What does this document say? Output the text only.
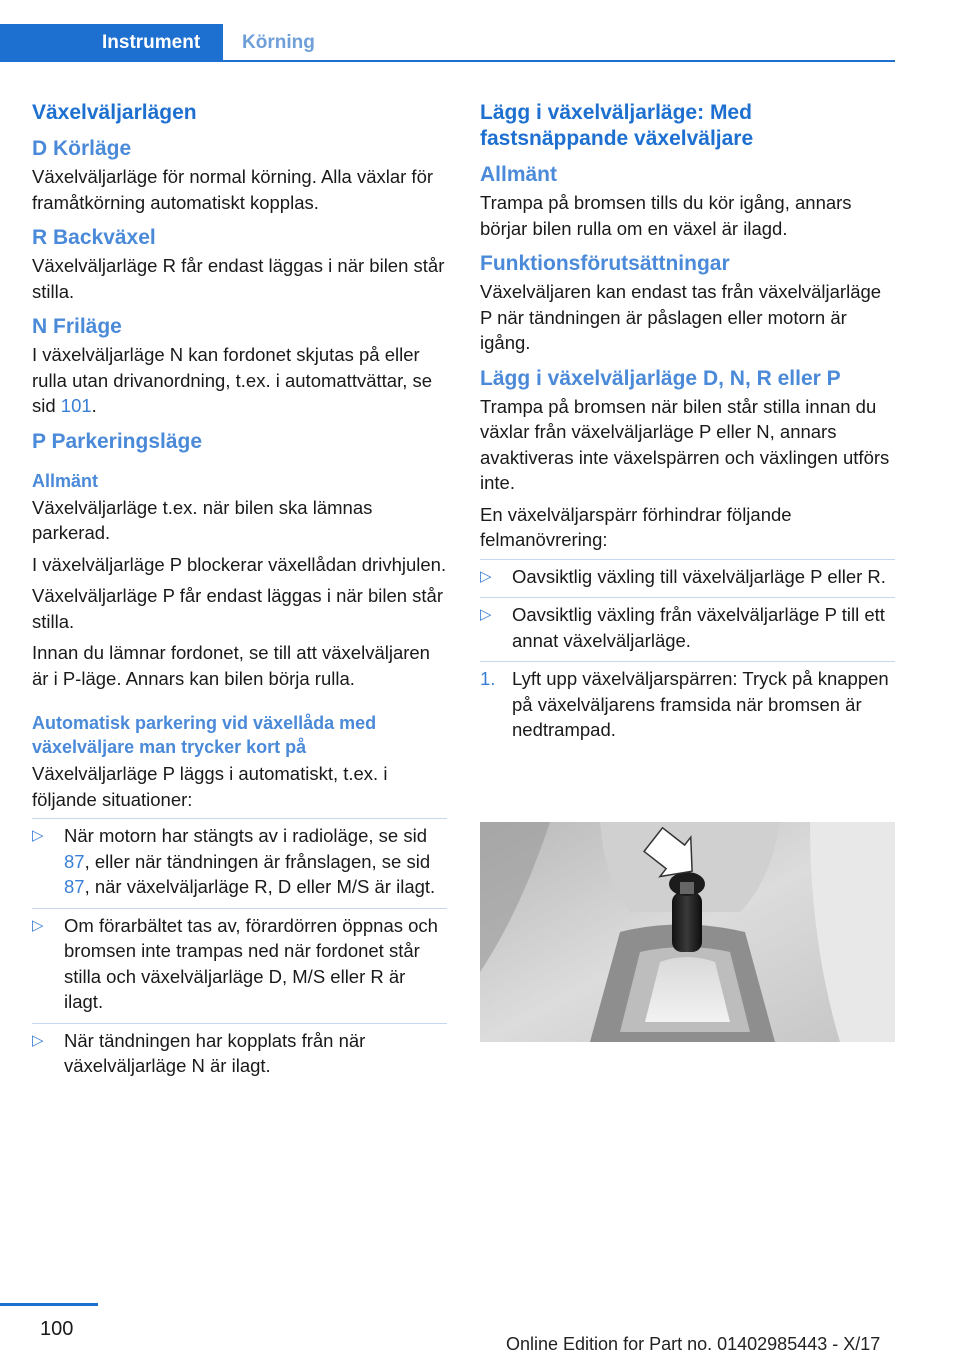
Instrument	Körning
Växelväljarlägen
D Körläge

Växelväljarläge för normal körning. Alla växlar för framåtkörning automatiskt kopplas.

R Backväxel

Växelväljarläge R får endast läggas i när bilen står stilla.

N Friläge

I växelväljarläge N kan fordonet skjutas på eller rulla utan drivanordning, t.ex. i automattvättar, se sid 101.

P Parkeringsläge
Allmänt

Växelväljarläge t.ex. när bilen ska lämnas parkerad.

I växelväljarläge P blockerar växellådan drivhjulen.

Växelväljarläge P får endast läggas i när bilen står stilla.

Innan du lämnar fordonet, se till att växelväljaren är i P-läge. Annars kan bilen börja rulla.

Automatisk parkering vid växellåda med växelväljare man trycker kort på

Växelväljarläge P läggs i automatiskt, t.ex. i följande situationer:

▷ När motorn har stängts av i radioläge, se sid 87, eller när tändningen är frånslagen, se sid 87, när växelväljarläge R, D eller M/S är ilagt.
▷ Om förarbältet tas av, förardörren öppnas och bromsen inte trampas ned när fordonet står stilla och växelväljarläge D, M/S eller R är ilagt.
▷ När tändningen har kopplats från när växelväljarläge N är ilagt.
Lägg i växelväljarläge: Med fastsnäppande växelväljare
Allmänt

Trampa på bromsen tills du kör igång, annars börjar bilen rulla om en växel är ilagd.

Funktionsförutsättningar

Växelväljaren kan endast tas från växelväljarläge P när tändningen är påslagen eller motorn är igång.

Lägg i växelväljarläge D, N, R eller P

Trampa på bromsen när bilen står stilla innan du växlar från växelväljarläge P eller N, annars avaktiveras inte växelspärren och växlingen utförs inte.

En växelväljarspärr förhindrar följande felmanövrering:

▷ Oavsiktlig växling till växelväljarläge P eller R.
▷ Oavsiktlig växling från växelväljarläge P till ett annat växelväljarläge.
1. Lyft upp växelväljarspärren: Tryck på knappen på växelväljarens framsida när bromsen är nedtrampad.
100
Online Edition for Part no. 01402985443 - X/17
